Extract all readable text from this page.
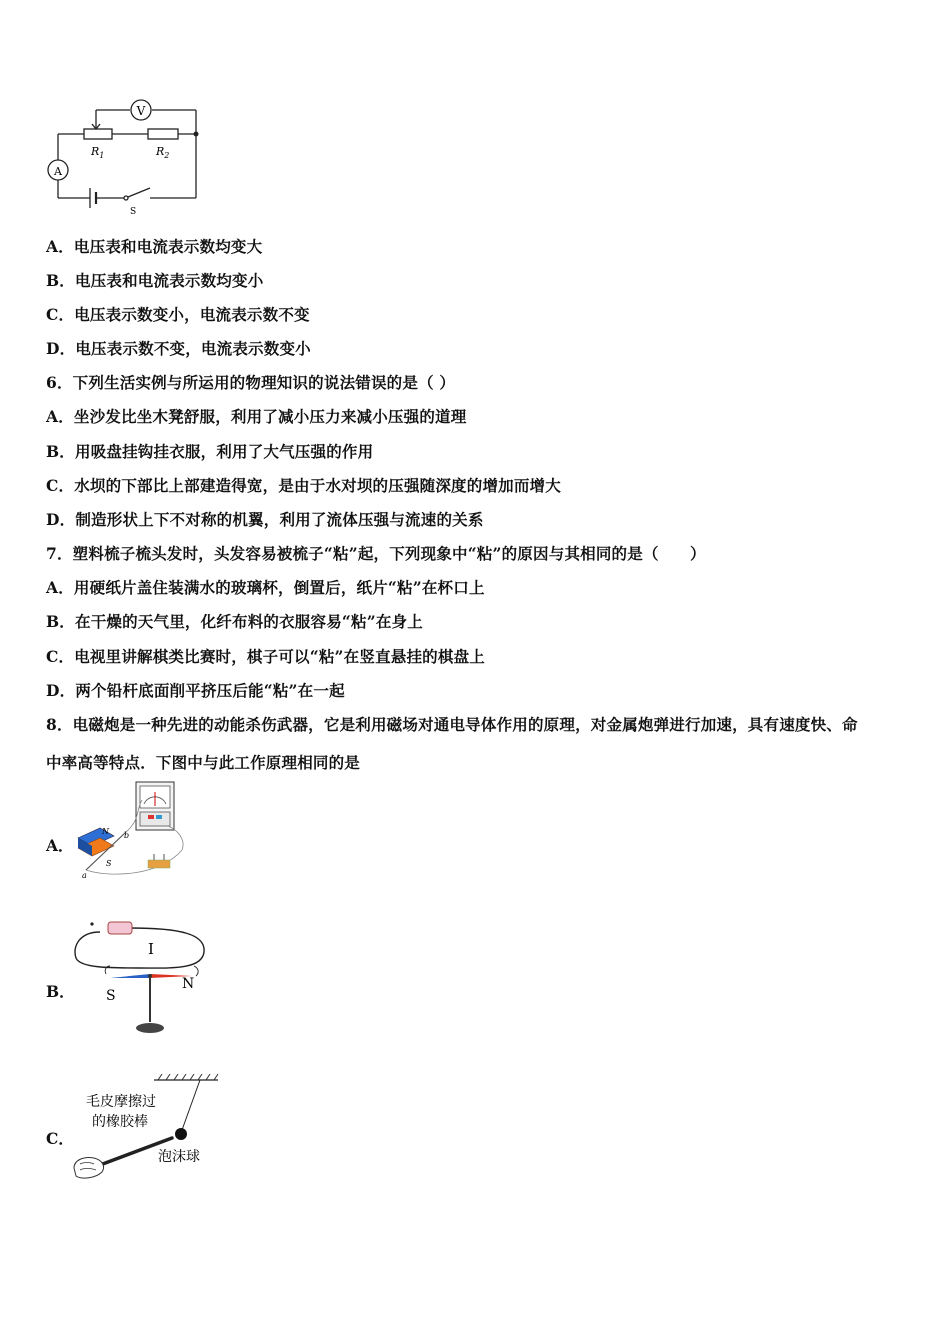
V
A
$R_1$	$R_2$
S
A．电压表和电流表示数均变大
B．电压表和电流表示数均变小
C．电压表示数变小，电流表示数不变
D．电压表示数不变，电流表示数变小
6．下列生活实例与所运用的物理知识的说法错误的是（ ）
A．坐沙发比坐木凳舒服，利用了减小压力来减小压强的道理
B．用吸盘挂钩挂衣服，利用了大气压强的作用
C．水坝的下部比上部建造得宽，是由于水对坝的压强随深度的增加而增大
D．制造形状上下不对称的机翼，利用了流体压强与流速的关系
7．塑料梳子梳头发时，头发容易被梳子“粘”起，下列现象中“粘”的原因与其相同的是（　　）
A．用硬纸片盖住装满水的玻璃杯，倒置后，纸片“粘”在杯口上
B．在干燥的天气里，化纤布料的衣服容易“粘”在身上
C．电视里讲解棋类比赛时，棋子可以“粘”在竖直悬挂的棋盘上
D．两个铅杆底面削平挤压后能“粘”在一起
8．电磁炮是一种先进的动能杀伤武器，它是利用磁场对通电导体作用的原理，对金属炮弹进行加速，具有速度快、命
中率高等特点．下图中与此工作原理相同的是
A．
N
S
a
b
B．
I
S
N
C．
毛皮摩擦过
的橡胶棒
泡沫球
